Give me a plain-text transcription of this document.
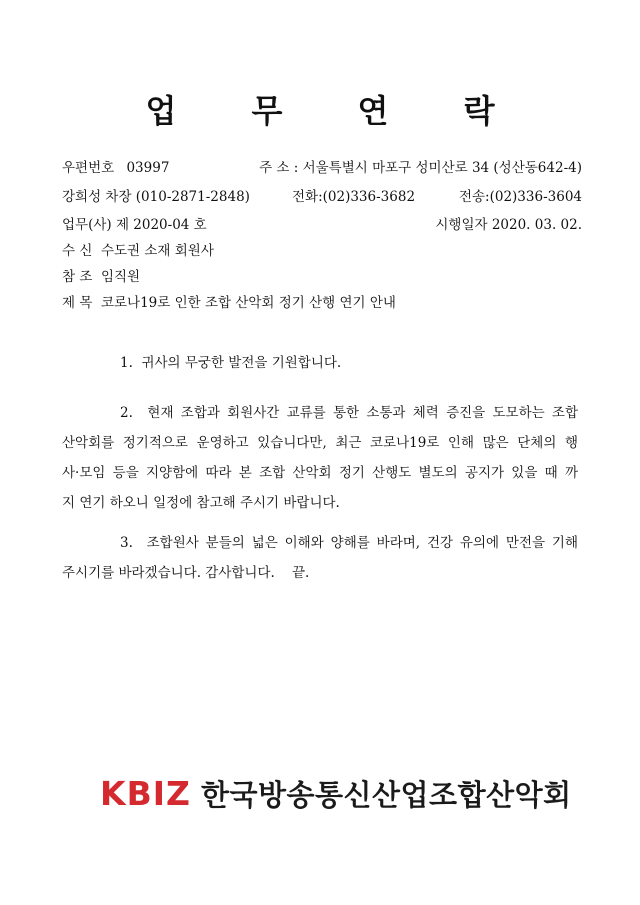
업 무 연 락
우편번호 03997	주 소 : 서울특별시 마포구 성미산로 34 (성산동642-4)
강희성 차장 (010-2871-2848)	전화:(02)336-3682	전송:(02)336-3604
업무(사) 제 2020-04 호	시행일자 2020. 03. 02.
수 신  수도권 소재 회원사
참 조  임직원
제 목  코로나19로 인한 조합 산악회 정기 산행 연기 안내
1.  귀사의 무궁한 발전을 기원합니다.
2.  현재 조합과 회원사간 교류를 통한 소통과 체력 증진을 도모하는 조합
산악회를 정기적으로 운영하고 있습니다만, 최근 코로나19로 인해 많은 단체의 행
사·모임 등을 지양함에 따라 본 조합 산악회 정기 산행도 별도의 공지가 있을 때 까
지 연기 하오니 일정에 참고해 주시기 바랍니다.
3.  조합원사 분들의 넓은 이해와 양해를 바라며, 건강 유의에 만전을 기해
주시기를 바라겠습니다. 감사합니다.    끝.
KBIZ 한국방송통신산업조합산악회
